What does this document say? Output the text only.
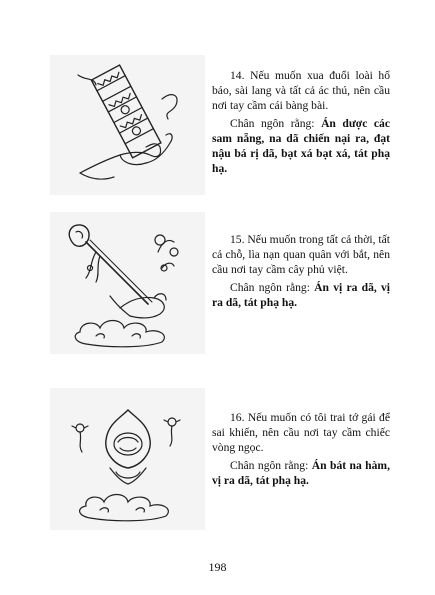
14. Nếu muốn xua đuổi loài hổ báo, sài lang và tất cả ác thú, nên cầu nơi tay cầm cái bàng bài.

Chân ngôn rằng: Án dược các sam nẵng, na dã chiến nại ra, đạt nậu bá rị dã, bạt xá bạt xá, tát phạ hạ.

15. Nếu muốn trong tất cả thời, tất cả chỗ, lìa nạn quan quân với bắt, nên cầu nơi tay cầm cây phủ việt.

Chân ngôn rằng: Án vị ra dã, vị ra dã, tát phạ hạ.

16. Nếu muốn có tôi trai tớ gái để sai khiến, nên cầu nơi tay cầm chiếc vòng ngọc.

Chân ngôn rằng: Án bát na hàm, vị ra dã, tát phạ hạ.

198
